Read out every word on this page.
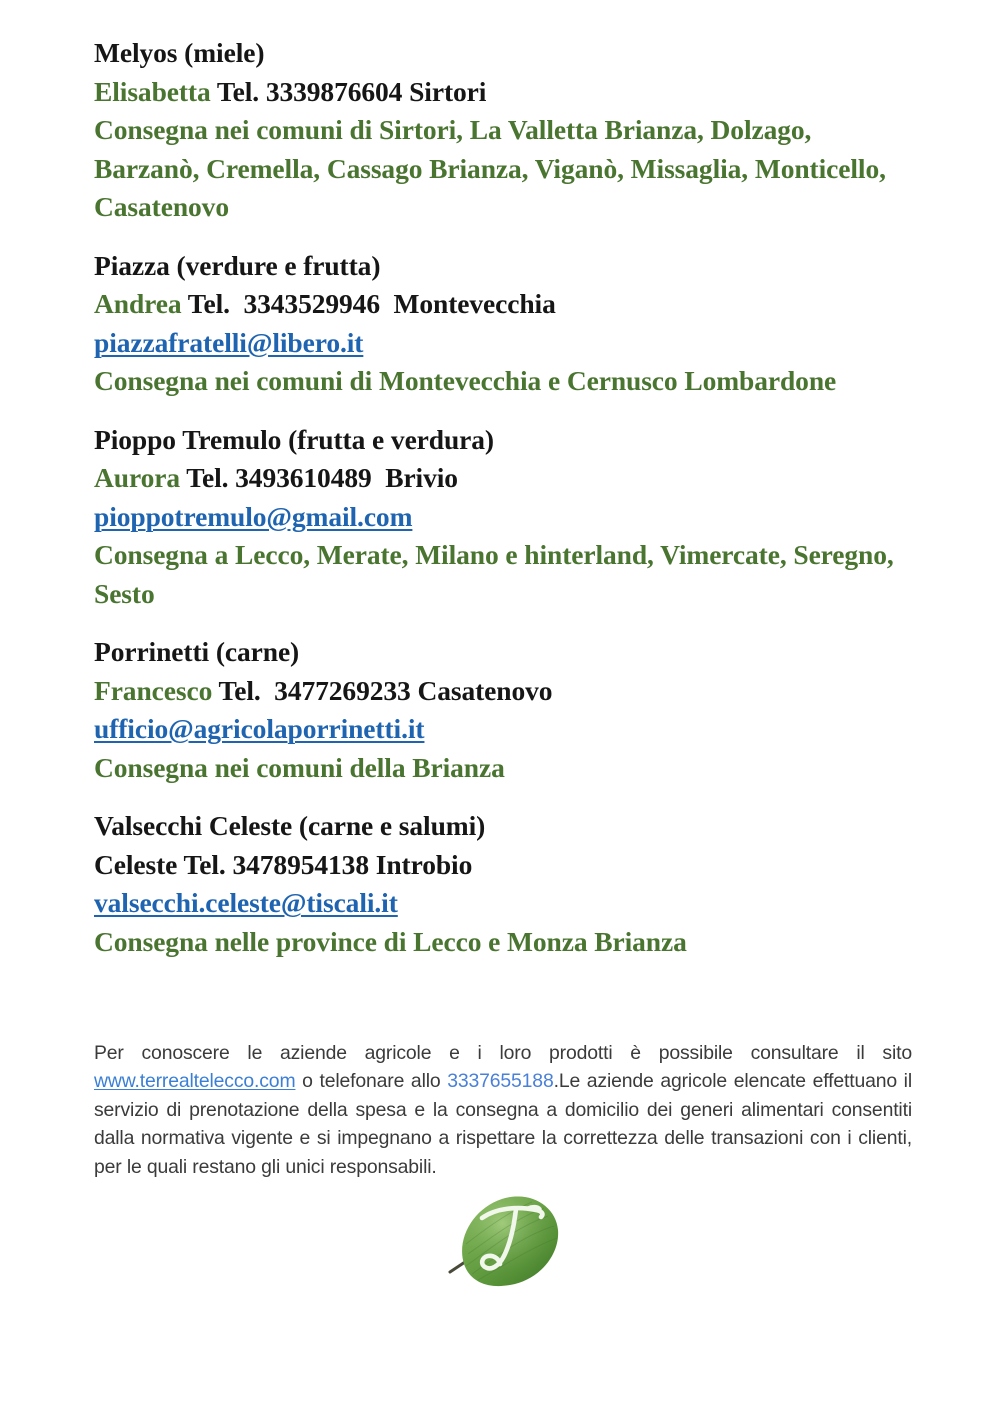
Melyos (miele)
Elisabetta Tel. 3339876604 Sirtori
Consegna nei comuni di Sirtori, La Valletta Brianza, Dolzago, Barzanò, Cremella, Cassago Brianza, Viganò, Missaglia, Monticello, Casatenovo
Piazza (verdure e frutta)
Andrea Tel.  3343529946  Montevecchia
piazzafratelli@libero.it
Consegna nei comuni di Montevecchia e Cernusco Lombardone
Pioppo Tremulo (frutta e verdura)
Aurora Tel. 3493610489  Brivio
pioppotremulo@gmail.com
Consegna a Lecco, Merate, Milano e hinterland, Vimercate, Seregno, Sesto
Porrinetti (carne)
Francesco Tel.  3477269233 Casatenovo
ufficio@agricolaporrinetti.it
Consegna nei comuni della Brianza
Valsecchi Celeste (carne e salumi)
Celeste Tel. 3478954138 Introbio
valsecchi.celeste@tiscali.it
Consegna nelle province di Lecco e Monza Brianza
Per conoscere le aziende agricole e i loro prodotti è possibile consultare il sito www.terrealtelecco.com o telefonare allo 3337655188.Le aziende agricole elencate effettuano il servizio di prenotazione della spesa e la consegna a domicilio dei generi alimentari consentiti dalla normativa vigente e si impegnano a rispettare la correttezza delle transazioni con i clienti, per le quali restano gli unici responsabili.
